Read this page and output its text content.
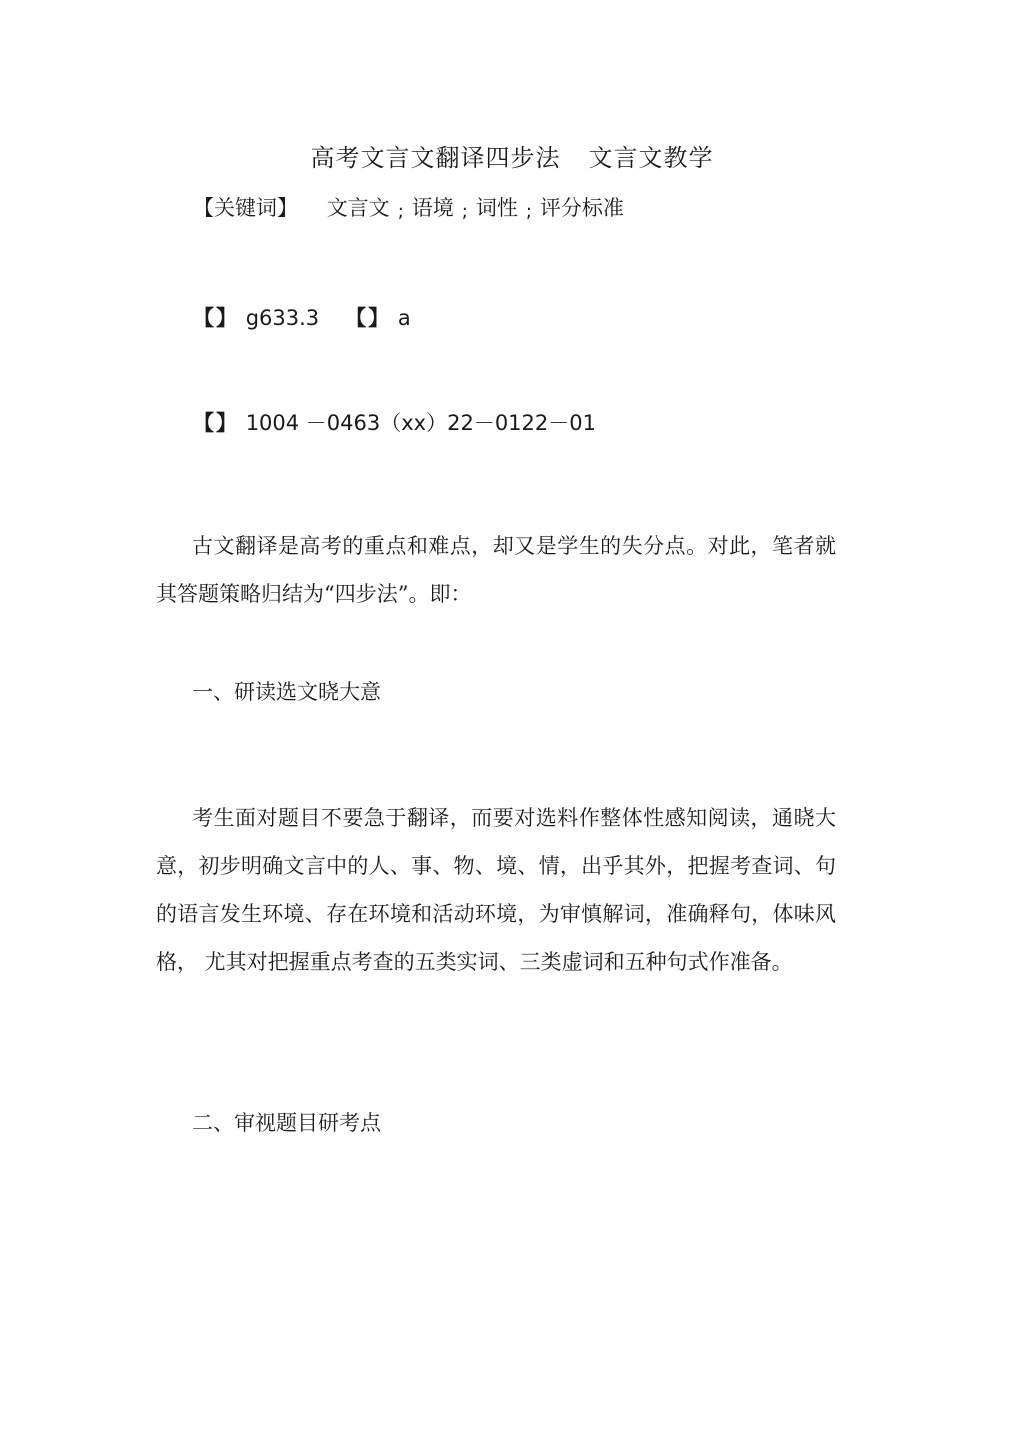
高考文言文翻译四步法 文言文教学
【关键词】 文言文 ; 语境 ; 词性 ; 评分标准
【】 g633.3 【】 a
【】 1004 －0463（xx）22－0122－01
古文翻译是高考的重点和难点，却又是学生的失分点。对此，笔者就其答题策略归结为“四步法”。即：
一、研读选文晓大意
考生面对题目不要急于翻译，而要对选料作整体性感知阅读，通晓大意，初步明确文言中的人、事、物、境、情，出乎其外，把握考查词、句的语言发生环境、存在环境和活动环境，为审慎解词，准确释句，体味风格， 尤其对把握重点考查的五类实词、三类虚词和五种句式作准备。
二、审视题目研考点
